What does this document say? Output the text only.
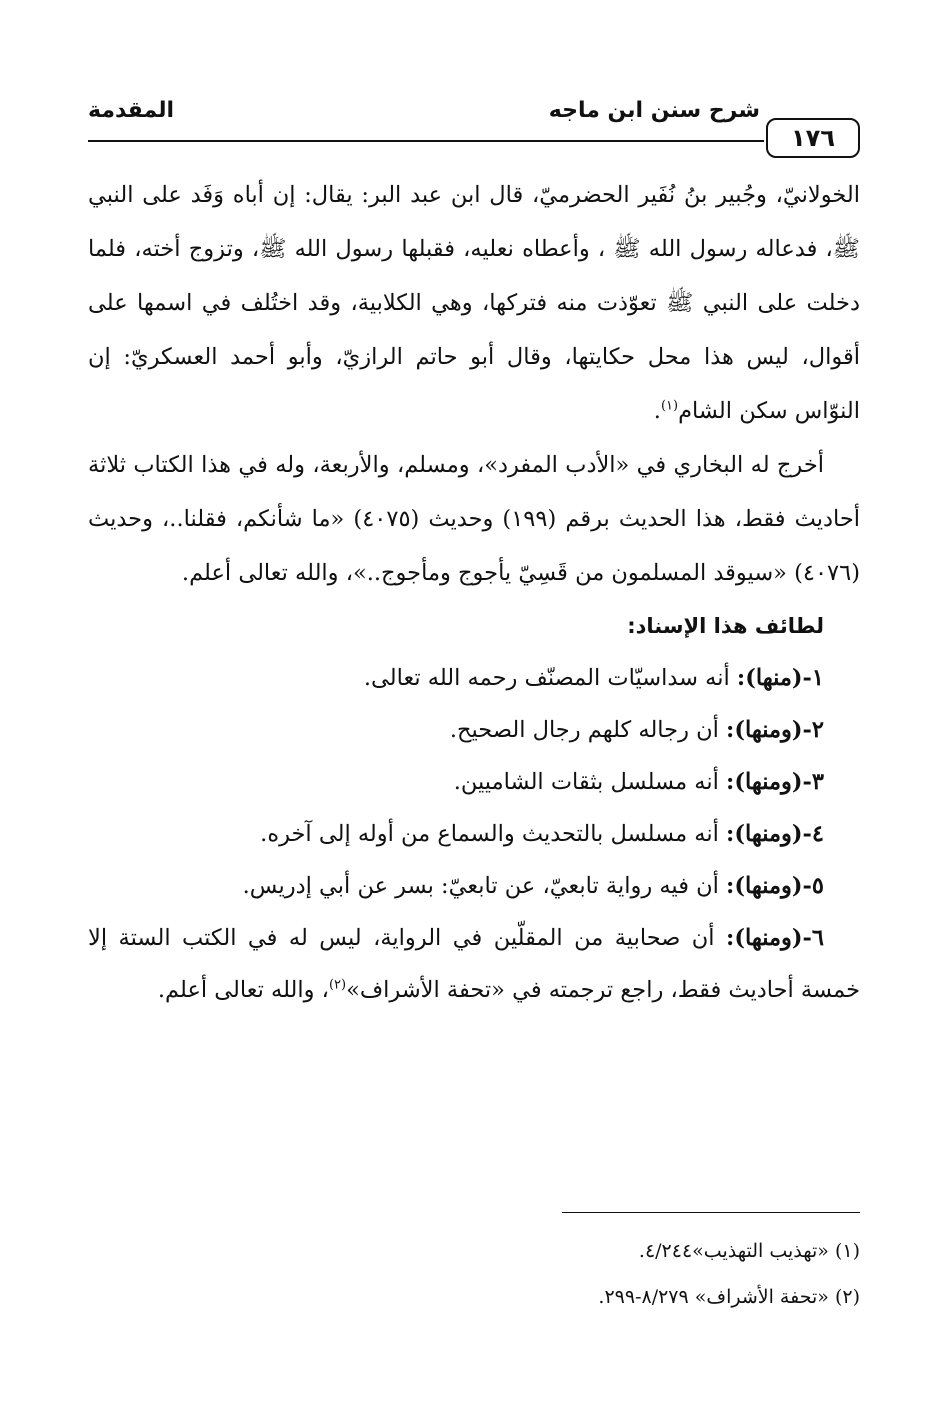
١٧٦
شرح سنن ابن ماجه
المقدمة

الخولانيّ، وجُبير بنُ نُفَير الحضرميّ، قال ابن عبد البر: يقال: إن أباه وَفَد على النبي ﷺ، فدعاله رسول الله ﷺ ، وأعطاه نعليه، فقبلها رسول الله ﷺ، وتزوج أخته، فلما دخلت على النبي ﷺ تعوّذت منه فتركها، وهي الكلابية، وقد اختُلف في اسمها على أقوال، ليس هذا محل حكايتها، وقال أبو حاتم الرازيّ، وأبو أحمد العسكريّ: إن النوّاس سكن الشام$^{(١)}$.

أخرج له البخاري في «الأدب المفرد»، ومسلم، والأربعة، وله في هذا الكتاب ثلاثة أحاديث فقط، هذا الحديث برقم (١٩٩) وحديث (٤٠٧٥) «ما شأنكم، فقلنا..، وحديث (٤٠٧٦) «سيوقد المسلمون من قَسِيّ يأجوج ومأجوج..»، والله تعالى أعلم.

لطائف هذا الإسناد:

١-(منها): أنه سداسيّات المصنّف رحمه الله تعالى.
٢-(ومنها): أن رجاله كلهم رجال الصحيح.
٣-(ومنها): أنه مسلسل بثقات الشاميين.
٤-(ومنها): أنه مسلسل بالتحديث والسماع من أوله إلى آخره.
٥-(ومنها): أن فيه رواية تابعيّ، عن تابعيّ: بسر عن أبي إدريس.
٦-(ومنها): أن صحابية من المقلّين في الرواية، ليس له في الكتب الستة إلا خمسة أحاديث فقط، راجع ترجمته في «تحفة الأشراف»$^{(٢)}$، والله تعالى أعلم.

(١) «تهذيب التهذيب»٤/٢٤٤.

(٢) «تحفة الأشراف» ٨/٢٧٩-٢٩٩.
